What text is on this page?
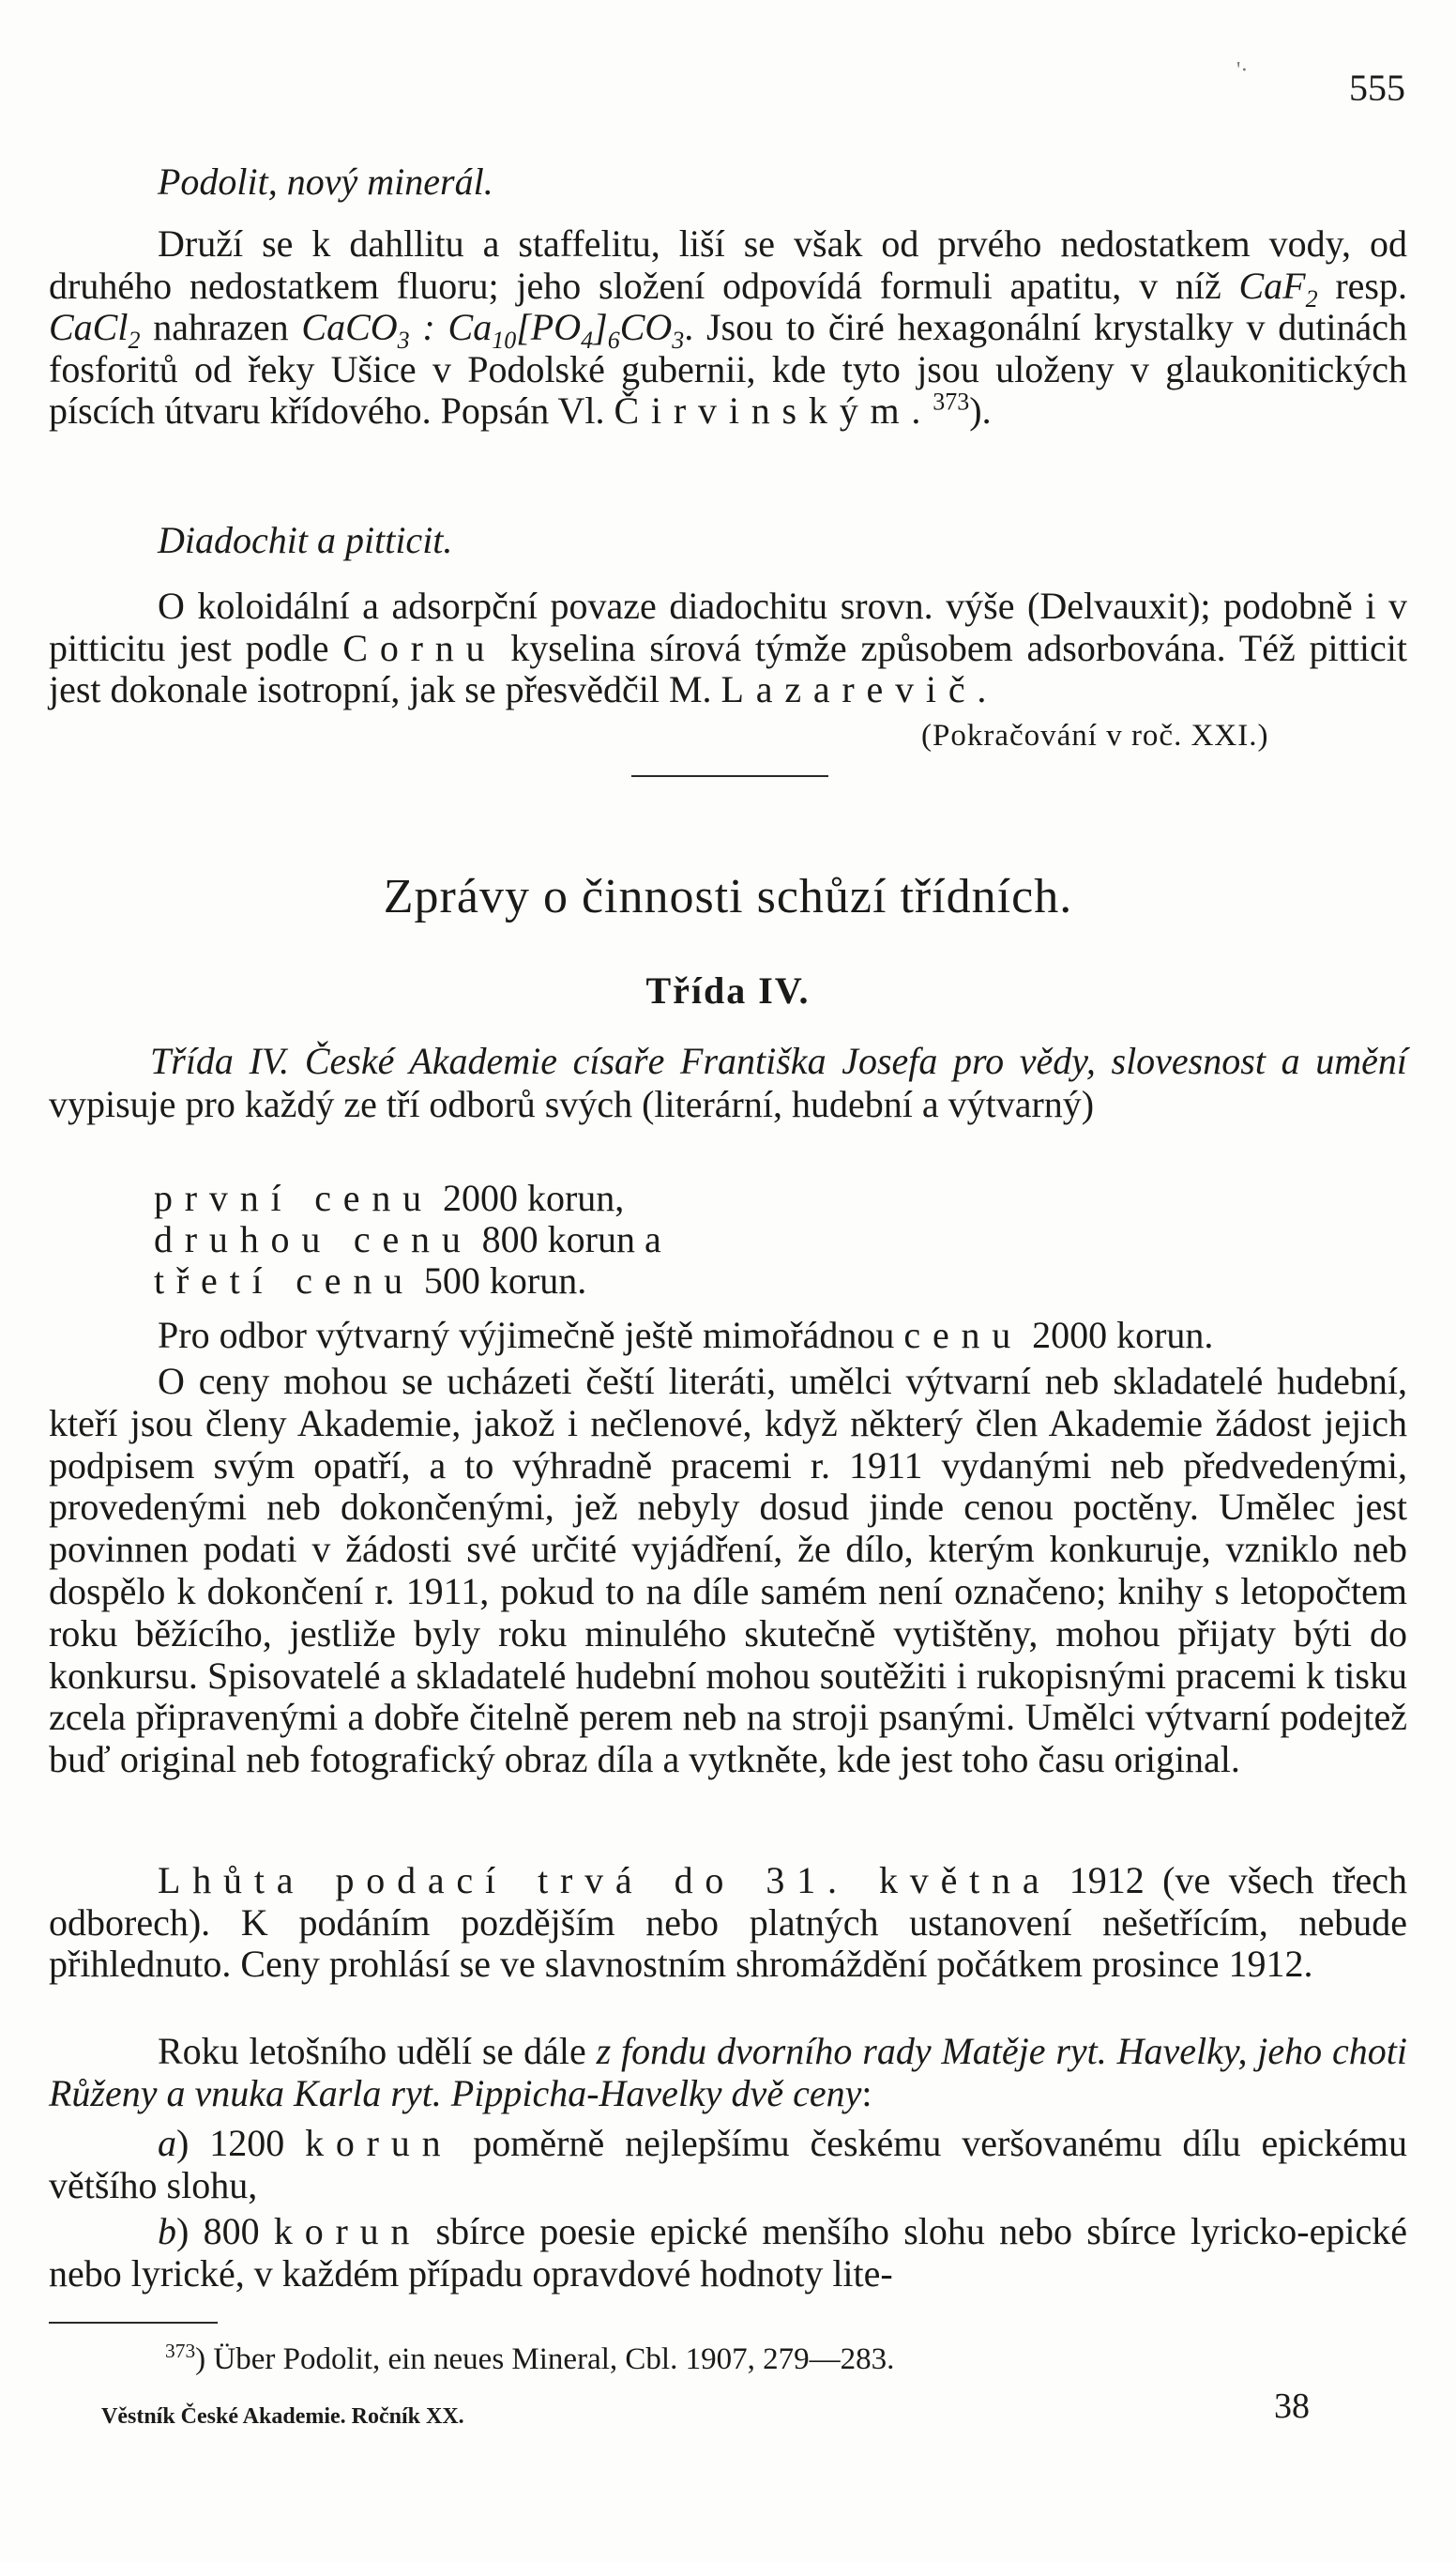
'·	555
Podolit, nový minerál.
Druží se k dahllitu a staffelitu, liší se však od prvého nedostatkem vody, od druhého nedostatkem fluoru; jeho složení odpovídá formuli apatitu, v níž CaF$_2$ resp. CaCl$_2$ nahrazen CaCO$_3$ : $Ca_{10}[PO_4]_6CO_3$. Jsou to čiré hexagonální krystalky v dutinách fosforitů od řeky Ušice v Podolské gubernii, kde tyto jsou uloženy v glaukonitických píscích útvaru křídového. Popsán Vl. Čirvinským.$^{373}$).
Diadochit a pitticit.
O koloidální a adsorpční povaze diadochitu srovn. výše (Delvauxit); podobně i v pitticitu jest podle Cornu kyselina sírová týmže způsobem adsorbována. Též pitticit jest dokonale isotropní, jak se přesvědčil M. Lazarevič.
(Pokračování v roč. XXI.)
Zprávy o činnosti schůzí třídních.
Třída IV.
Třída IV. České Akademie císaře Františka Josefa pro vědy, slovesnost a umění vypisuje pro každý ze tří odborů svých (literární, hudební a výtvarný)
první cenu 2000 korun,
druhou cenu 800 korun a
třetí cenu 500 korun.
Pro odbor výtvarný výjimečně ještě mimořádnou cenu 2000 korun.
O ceny mohou se ucházeti čeští literáti, umělci výtvarní neb skladatelé hudební, kteří jsou členy Akademie, jakož i nečlenové, když některý člen Akademie žádost jejich podpisem svým opatří, a to výhradně pracemi r. 1911 vydanými neb předvedenými, provedenými neb dokončenými, jež nebyly dosud jinde cenou poctěny. Umělec jest povinnen podati v žádosti své určité vyjádření, že dílo, kterým konkuruje, vzniklo neb dospělo k dokončení r. 1911, pokud to na díle samém není označeno; knihy s letopočtem roku běžícího, jestliže byly roku minulého skutečně vytištěny, mohou přijaty býti do konkursu. Spisovatelé a skladatelé hudební mohou soutěžiti i rukopisnými pracemi k tisku zcela připravenými a dobře čitelně perem neb na stroji psanými. Umělci výtvarní podejtež buď original neb fotografický obraz díla a vytkněte, kde jest toho času original.
Lhůta podací trvá do 31. května 1912 (ve všech třech odborech). K podáním pozdějším nebo platných ustanovení nešetřícím, nebude přihlednuto. Ceny prohlásí se ve slavnostním shromáždění počátkem prosince 1912.
Roku letošního udělí se dále z fondu dvorního rady Matěje ryt. Havelky, jeho choti Růženy a vnuka Karla ryt. Pippicha-Havelky dvě ceny:
a) 1200 korun poměrně nejlepšímu českému veršovanému dílu epickému většího slohu,
b) 800 korun sbírce poesie epické menšího slohu nebo sbírce lyricko-epické nebo lyrické, v každém případu opravdové hodnoty lite-
$^{373}$) Über Podolit, ein neues Mineral, Cbl. 1907, 279—283.
Věstník České Akademie. Ročník XX.	38
